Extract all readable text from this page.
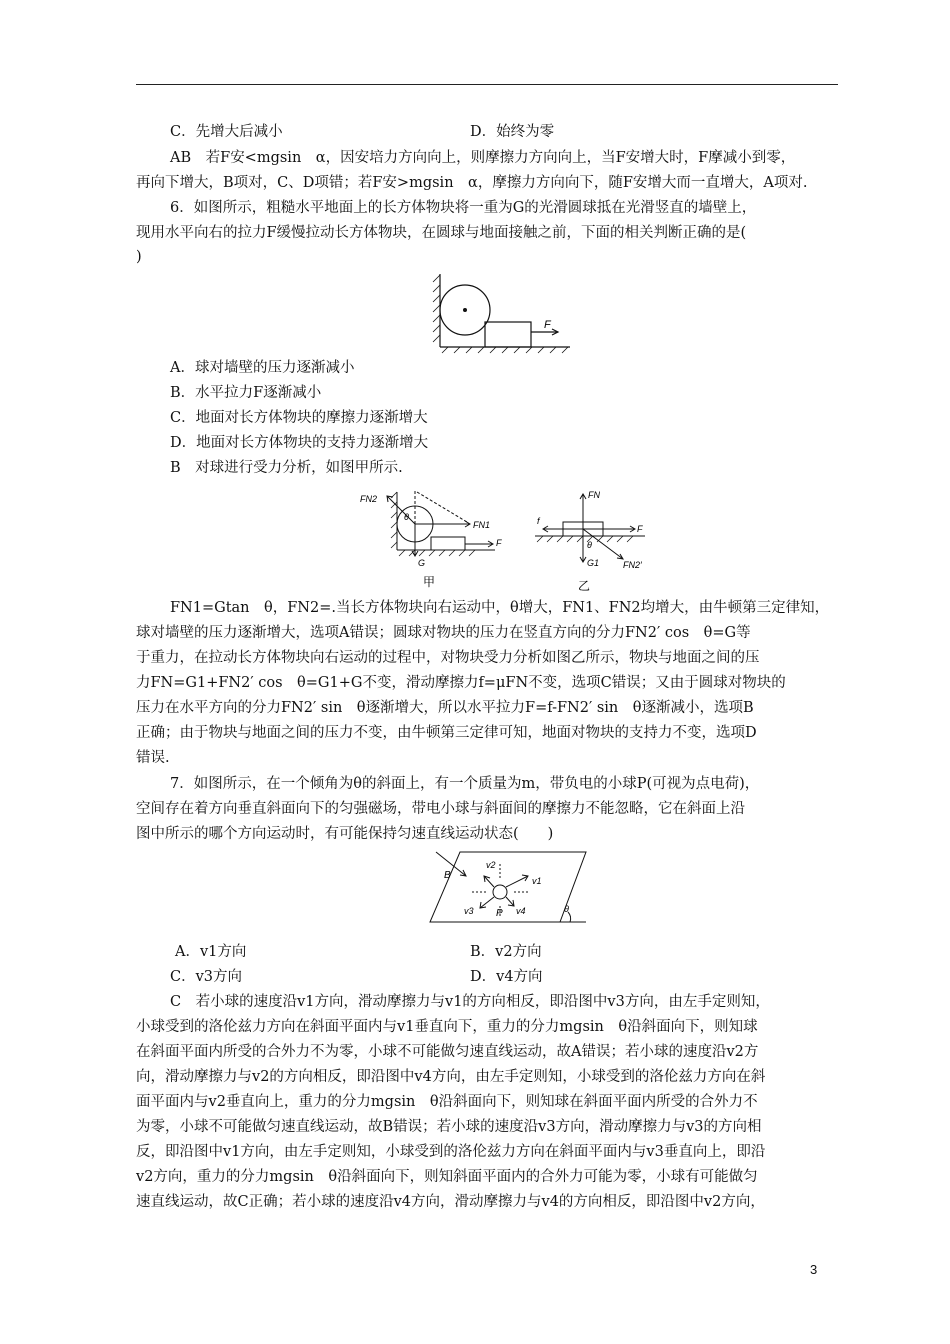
C．先增大后减小	D．始终为零
AB　若F安<mgsin　α，因安培力方向向上，则摩擦力方向向上，当F安增大时，F摩减小到零，
再向下增大，B项对，C、D项错；若F安>mgsin　α，摩擦力方向向下，随F安增大而一直增大，A项对.
6．如图所示，粗糙水平地面上的长方体物块将一重为G的光滑圆球抵在光滑竖直的墙壁上，
现用水平向右的拉力F缓慢拉动长方体物块，在圆球与地面接触之前，下面的相关判断正确的是(
)
F
A．球对墙壁的压力逐渐减小
B．水平拉力F逐渐减小
C．地面对长方体物块的摩擦力逐渐增大
D．地面对长方体物块的支持力逐渐增大
B　对球进行受力分析，如图甲所示.
FN2
FN1
θ
G
F
甲
FN
f
F
θ
G1	FN2′
乙
FN1=Gtan　θ，FN2=.当长方体物块向右运动中，θ增大，FN1、FN2均增大，由牛顿第三定律知，
球对墙壁的压力逐渐增大，选项A错误；圆球对物块的压力在竖直方向的分力FN2′ cos　θ=G等
于重力，在拉动长方体物块向右运动的过程中，对物块受力分析如图乙所示，物块与地面之间的压
力FN=G1+FN2′ cos　θ=G1+G不变，滑动摩擦力f=μFN不变，选项C错误；又由于圆球对物块的
压力在水平方向的分力FN2′ sin　θ逐渐增大，所以水平拉力F=f-FN2′ sin　θ逐渐减小，选项B
正确；由于物块与地面之间的压力不变，由牛顿第三定律可知，地面对物块的支持力不变，选项D
错误.
7．如图所示，在一个倾角为θ的斜面上，有一个质量为m，带负电的小球P(可视为点电荷)，
空间存在着方向垂直斜面向下的匀强磁场，带电小球与斜面间的摩擦力不能忽略，它在斜面上沿
图中所示的哪个方向运动时，有可能保持匀速直线运动状态(　　)
B
P
v1
v2
v3	v4	θ
A．v1方向	B．v2方向
C．v3方向	D．v4方向
C　若小球的速度沿v1方向，滑动摩擦力与v1的方向相反，即沿图中v3方向，由左手定则知，
小球受到的洛伦兹力方向在斜面平面内与v1垂直向下，重力的分力mgsin　θ沿斜面向下，则知球
在斜面平面内所受的合外力不为零，小球不可能做匀速直线运动，故A错误；若小球的速度沿v2方
向，滑动摩擦力与v2的方向相反，即沿图中v4方向，由左手定则知，小球受到的洛伦兹力方向在斜
面平面内与v2垂直向上，重力的分力mgsin　θ沿斜面向下，则知球在斜面平面内所受的合外力不
为零，小球不可能做匀速直线运动，故B错误；若小球的速度沿v3方向，滑动摩擦力与v3的方向相
反，即沿图中v1方向，由左手定则知，小球受到的洛伦兹力方向在斜面平面内与v3垂直向上，即沿
v2方向，重力的分力mgsin　θ沿斜面向下，则知斜面平面内的合外力可能为零，小球有可能做匀
速直线运动，故C正确；若小球的速度沿v4方向，滑动摩擦力与v4的方向相反，即沿图中v2方向，
3
